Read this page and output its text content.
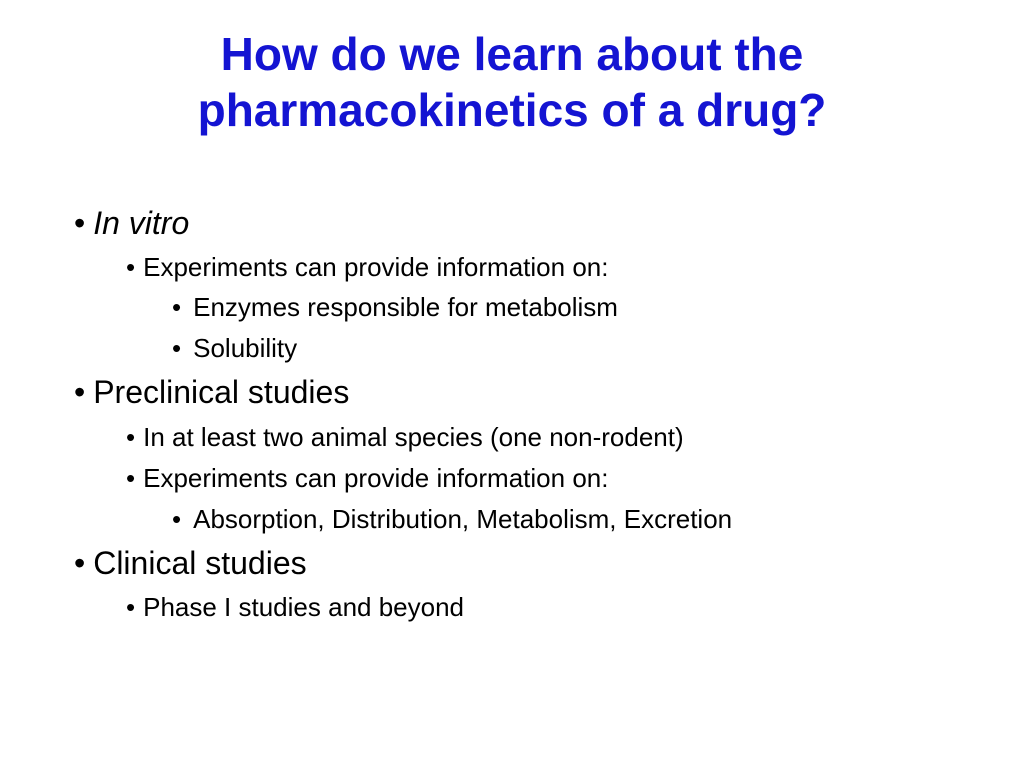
How do we learn about the
pharmacokinetics of a drug?
• In vitro
• Experiments can provide information on:
• Enzymes responsible for metabolism
• Solubility
• Preclinical studies
• In at least two animal species (one non-rodent)
• Experiments can provide information on:
• Absorption, Distribution, Metabolism, Excretion
• Clinical studies
• Phase I studies and beyond
